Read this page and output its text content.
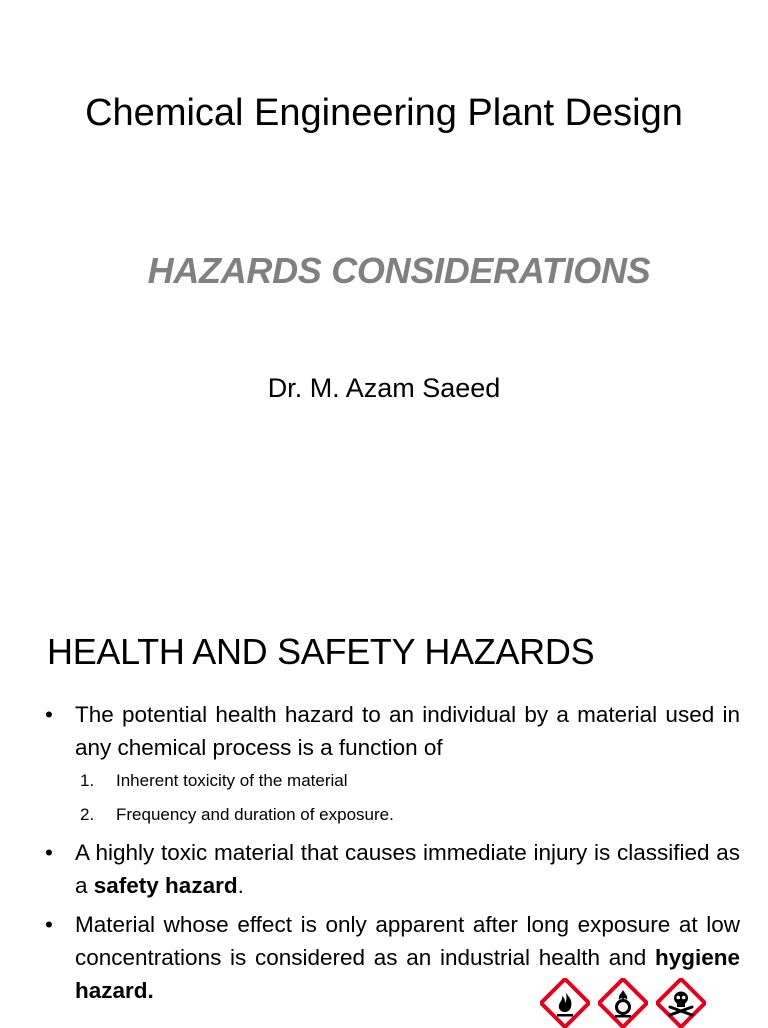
Chemical Engineering Plant Design
HAZARDS CONSIDERATIONS
Dr. M. Azam Saeed
HEALTH AND SAFETY HAZARDS
• The potential health hazard to an individual by a material used in any chemical process is a function of
1. Inherent toxicity of the material
2. Frequency and duration of exposure.
• A highly toxic material that causes immediate injury is classified as a safety hazard.
• Material whose effect is only apparent after long exposure at low concentrations is considered as an industrial health and hygiene hazard.
